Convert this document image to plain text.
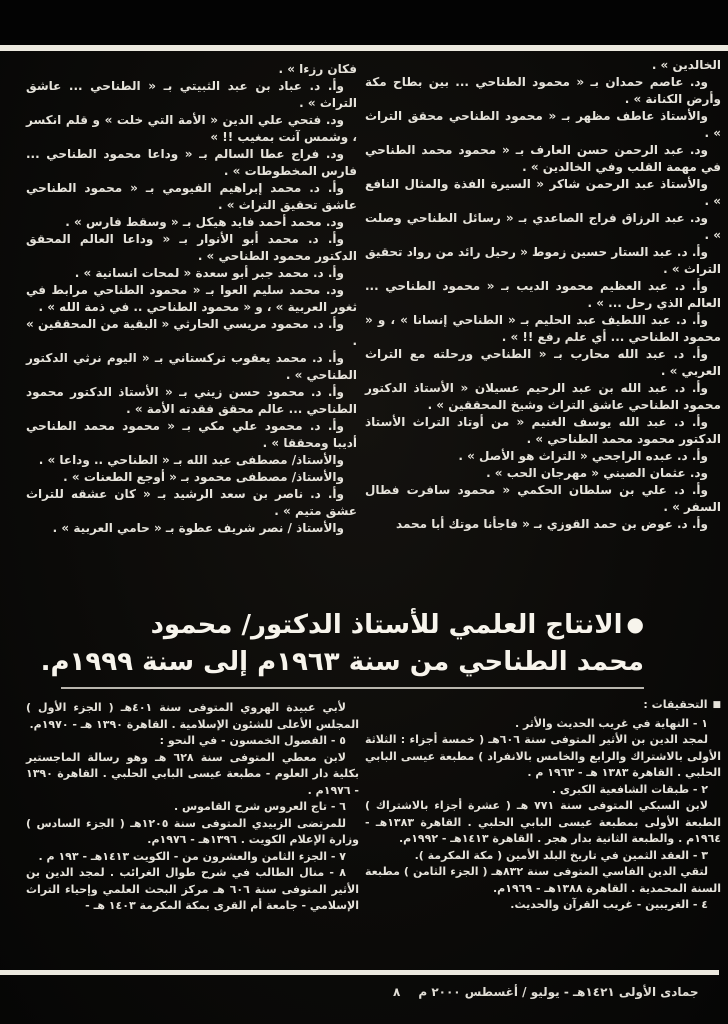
الخالدين » .

ود. عاصم حمدان بـ « محمود الطناحي ... بين بطاح مكة وأرض الكنانة » .

والأستاذ عاطف مظهر بـ « محمود الطناحي محقق التراث » .

ود. عبد الرحمن حسن العارف بـ « محمود محمد الطناحي في مهمة القلب وفي الخالدين » .

والأستاذ عبد الرحمن شاكر « السيرة الفذة والمثال النافع » .

ود. عبد الرزاق فراج الصاعدي بـ « رسائل الطناحي وصلت » .

وأ. د. عبد الستار حسين زموط « رحيل رائد من رواد تحقيق التراث » .

وأ. د. عبد العظيم محمود الديب بـ « محمود الطناحي ... العالم الذي رحل ... » .

وأ. د. عبد اللطيف عبد الحليم بـ « الطناحي إنسانا » ، و « محمود الطناحي ... أي علم رفع !! » .

وأ. د. عبد الله محارب بـ « الطناحي ورحلته مع التراث العربي » .

وأ. د. عبد الله بن عبد الرحيم عسيلان « الأستاذ الدكتور محمود الطناحي عاشق التراث وشيخ المحققين » .

وأ. د. عبد الله يوسف الغنيم « من أوتاد التراث الأستاذ الدكتور محمود محمد الطناحي » .

وأ. د. عبده الراجحي « التراث هو الأصل » .

ود. عثمان الصيني « مهرجان الحب » .

وأ. د. علي بن سلطان الحكمي « محمود سافرت فطال السفر » .

وأ. د. عوض بن حمد القوزي بـ « فاجأنا موتك أبا محمد

فكان رزءا » .

وأ. د. عباد بن عبد الثبيتي بـ « الطناحي ... عاشق التراث » .

ود. فتحي علي الدين « الأمة التي خلت » و قلم انكسر ، وشمس آنت بمغيب !! »

ود. فراج عطا السالم بـ « وداعا محمود الطناحي ... فارس المخطوطات » .

وأ. د. محمد إبراهيم الفيومي بـ « محمود الطناحي عاشق تحقيق التراث » .

ود. محمد أحمد فايد هيكل بـ « وسقط فارس » .

وأ. د. محمد أبو الأنوار بـ « وداعا العالم المحقق الدكتور محمود الطناحي » .

وأ. د. محمد جبر أبو سعدة « لمحات انسانية » .

ود. محمد سليم العوا بـ « محمود الطناحي مرابط في ثغور العربية » ، و « محمود الطناحي .. في ذمة الله » .

وأ. د. محمود مريسي الحارثي « البقية من المحققين » .

وأ. د. محمد يعقوب تركستاني بـ « اليوم نرثي الدكتور الطناحي » .

وأ. د. محمود حسن زيني بـ « الأستاذ الدكتور محمود الطناحي ... عالم محقق فقدته الأمة » .

وأ. د. محمود علي مكي بـ « محمود محمد الطناحي أديبا ومحققا » .

والأستاذ/ مصطفى عبد الله بـ « الطناحي .. وداعا » .

والأستاذ/ مصطفى محمود بـ « أوجع الطعنات » .

وأ. د. ناصر بن سعد الرشيد بـ « كان عشقه للتراث عشق متيم » .

والأستاذ / نصر شريف عطوة بـ « حامي العربية » .

●الانتاج العلمي للأستاذ الدكتور/ محمود
محمد الطناحي من سنة ١٩٦٣م إلى سنة ١٩٩٩م.

■التحقيقات :

١ - النهاية في غريب الحديث والأثر .

لمجد الدين بن الأثير المتوفى سنة ٦٠٦هـ ( خمسة أجزاء : الثلاثة الأولى بالاشتراك والرابع والخامس بالانفراد ) مطبعة عيسى البابي الحلبي . القاهرة ١٣٨٣ هـ - ١٩٦٣ م .

٢ - طبقات الشافعية الكبرى .

لابن السبكي المتوفى سنة ٧٧١ هـ ( عشرة أجزاء بالاشتراك ) الطبعة الأولى بمطبعة عيسى البابي الحلبي . القاهرة ١٣٨٣هـ - ١٩٦٤م . والطبعة الثانية بدار هجر . القاهرة ١٤١٣هـ - ١٩٩٢م.

٣ - العقد الثمين في تاريخ البلد الأمين ( مكة المكرمة ).

لتقي الدين الفاسي المتوفى سنة ٨٣٢هـ ( الجزء الثامن ) مطبعة السنة المحمدية . القاهرة ١٣٨٨هـ - ١٩٦٩م.

٤ - الغريبين - غريب القرآن والحديث.

لأبي عبيدة الهروي المتوفى سنة ٤٠١هـ ( الجزء الأول ) المجلس الأعلى للشئون الإسلامية . القاهرة ١٣٩٠ هـ - ١٩٧٠م.

٥ - الفصول الخمسون - في النحو :

لابن معطي المتوفى سنة ٦٢٨ هـ وهو رسالة الماجستير بكلية دار العلوم - مطبعة عيسى البابي الحلبي . القاهرة ١٣٩٠ - ١٩٧٦م .

٦ - تاج العروس شرح القاموس .

للمرتضى الزبيدي المتوفى سنة ١٢٠٥هـ ( الجزء السادس ) وزارة الإعلام الكويت . ١٣٩٦هـ - ١٩٧٦م.

٧ - الجزء الثامن والعشرون من - الكويت ١٤١٣هـ - ١٩٣ م .

٨ - منال الطالب في شرح طوال الغرائب . لمجد الدين بن الأثير المتوفى سنة ٦٠٦ هـ مركز البحث العلمي وإحياء التراث الإسلامي - جامعة أم القرى بمكة المكرمة ١٤٠٣ هـ -

٨ جمادى الأولى ١٤٢١هـ - يوليو / أغسطس ٢٠٠٠ م
